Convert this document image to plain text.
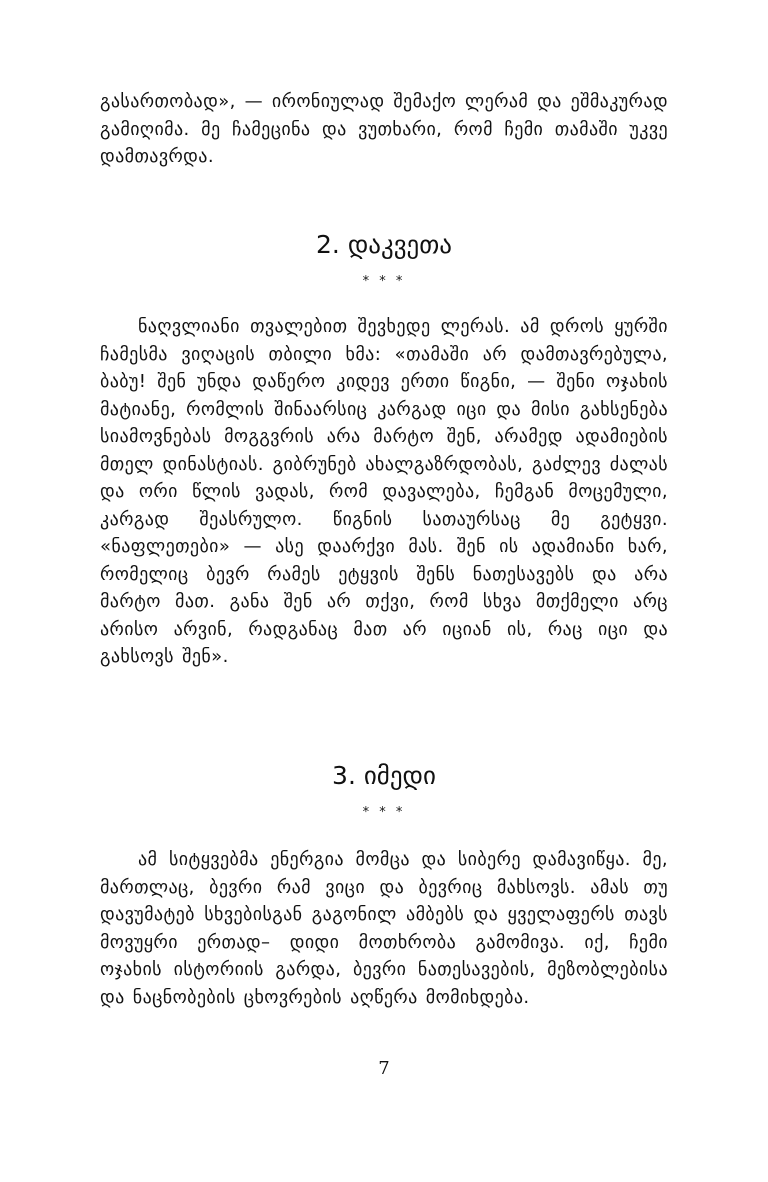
გასართობად», — ირონიულად შემაქო ლერამ და ეშმაკურად გამიღიმა. მე ჩამეცინა და ვუთხარი, რომ ჩემი თამაში უკვე დამთავრდა.

2. დაკვეთა
* * *

ნაღვლიანი თვალებით შევხედე ლერას. ამ დროს ყურში ჩამესმა ვიღაცის თბილი ხმა: «თამაში არ დამთავრებულა, ბაბუ! შენ უნდა დაწერო კიდევ ერთი წიგნი, — შენი ოჯახის მატიანე, რომლის შინაარსიც კარგად იცი და მისი გახსენება სიამოვნებას მოგგვრის არა მარტო შენ, არამედ ადამიების მთელ დინასტიას. გიბრუნებ ახალგაზრდობას, გაძლევ ძალას და ორი წლის ვადას, რომ დავალება, ჩემგან მოცემული, კარგად შეასრულო. წიგნის სათაურსაც მე გეტყვი. «ნაფლეთები» — ასე დაარქვი მას. შენ ის ადამიანი ხარ, რომელიც ბევრ რამეს ეტყვის შენს ნათესავებს და არა მარტო მათ. განა შენ არ თქვი, რომ სხვა მთქმელი არც არისო არვინ, რადგანაც მათ არ იციან ის, რაც იცი და გახსოვს შენ».

3. იმედი
* * *

ამ სიტყვებმა ენერგია მომცა და სიბერე დამავიწყა. მე, მართლაც, ბევრი რამ ვიცი და ბევრიც მახსოვს. ამას თუ დავუმატებ სხვებისგან გაგონილ ამბებს და ყველაფერს თავს მოვუყრი ერთად– დიდი მოთხრობა გამომივა. იქ, ჩემი ოჯახის ისტორიის გარდა, ბევრი ნათესავების, მეზობლებისა და ნაცნობების ცხოვრების აღწერა მომიხდება.

7
